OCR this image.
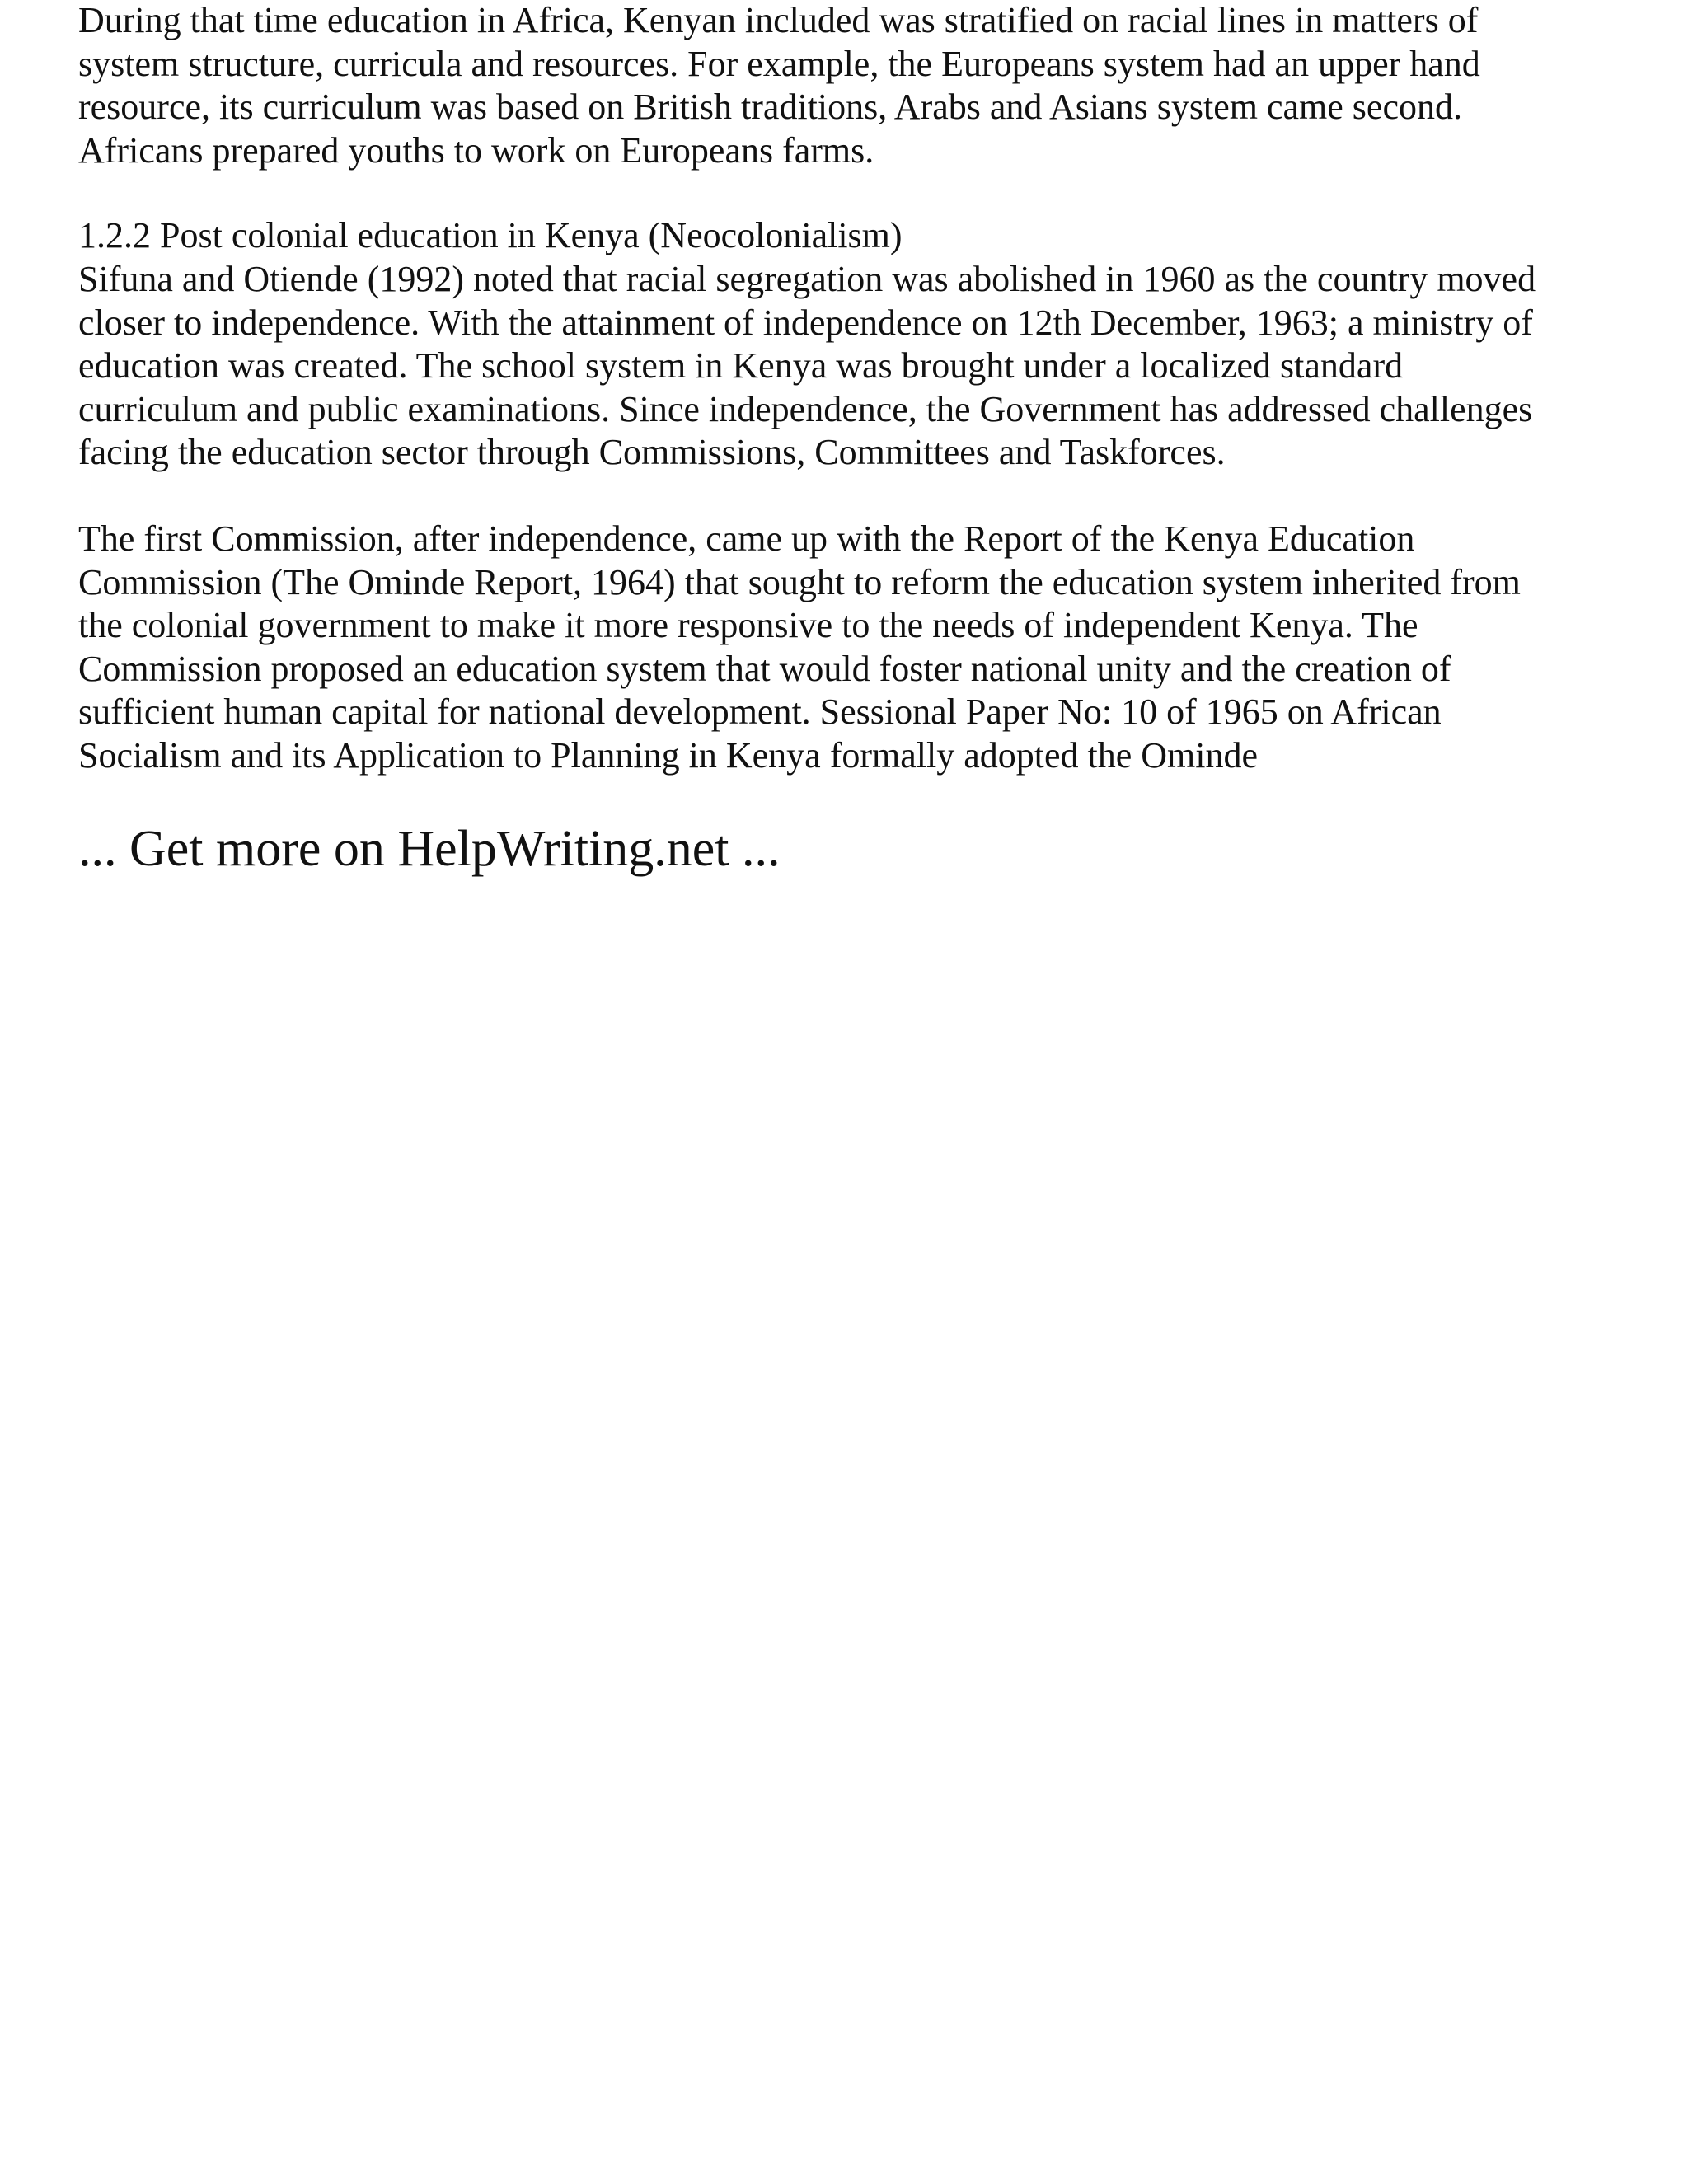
During that time education in Africa, Kenyan included was stratified on racial lines in matters of
system structure, curricula and resources. For example, the Europeans system had an upper hand
resource, its curriculum was based on British traditions, Arabs and Asians system came second.
Africans prepared youths to work on Europeans farms.

1.2.2 Post colonial education in Kenya (Neocolonialism)

Sifuna and Otiende (1992) noted that racial segregation was abolished in 1960 as the country moved
closer to independence. With the attainment of independence on 12th December, 1963; a ministry of
education was created. The school system in Kenya was brought under a localized standard
curriculum and public examinations. Since independence, the Government has addressed challenges
facing the education sector through Commissions, Committees and Taskforces.

The first Commission, after independence, came up with the Report of the Kenya Education
Commission (The Ominde Report, 1964) that sought to reform the education system inherited from
the colonial government to make it more responsive to the needs of independent Kenya. The
Commission proposed an education system that would foster national unity and the creation of
sufficient human capital for national development. Sessional Paper No: 10 of 1965 on African
Socialism and its Application to Planning in Kenya formally adopted the Ominde

... Get more on HelpWriting.net ...
